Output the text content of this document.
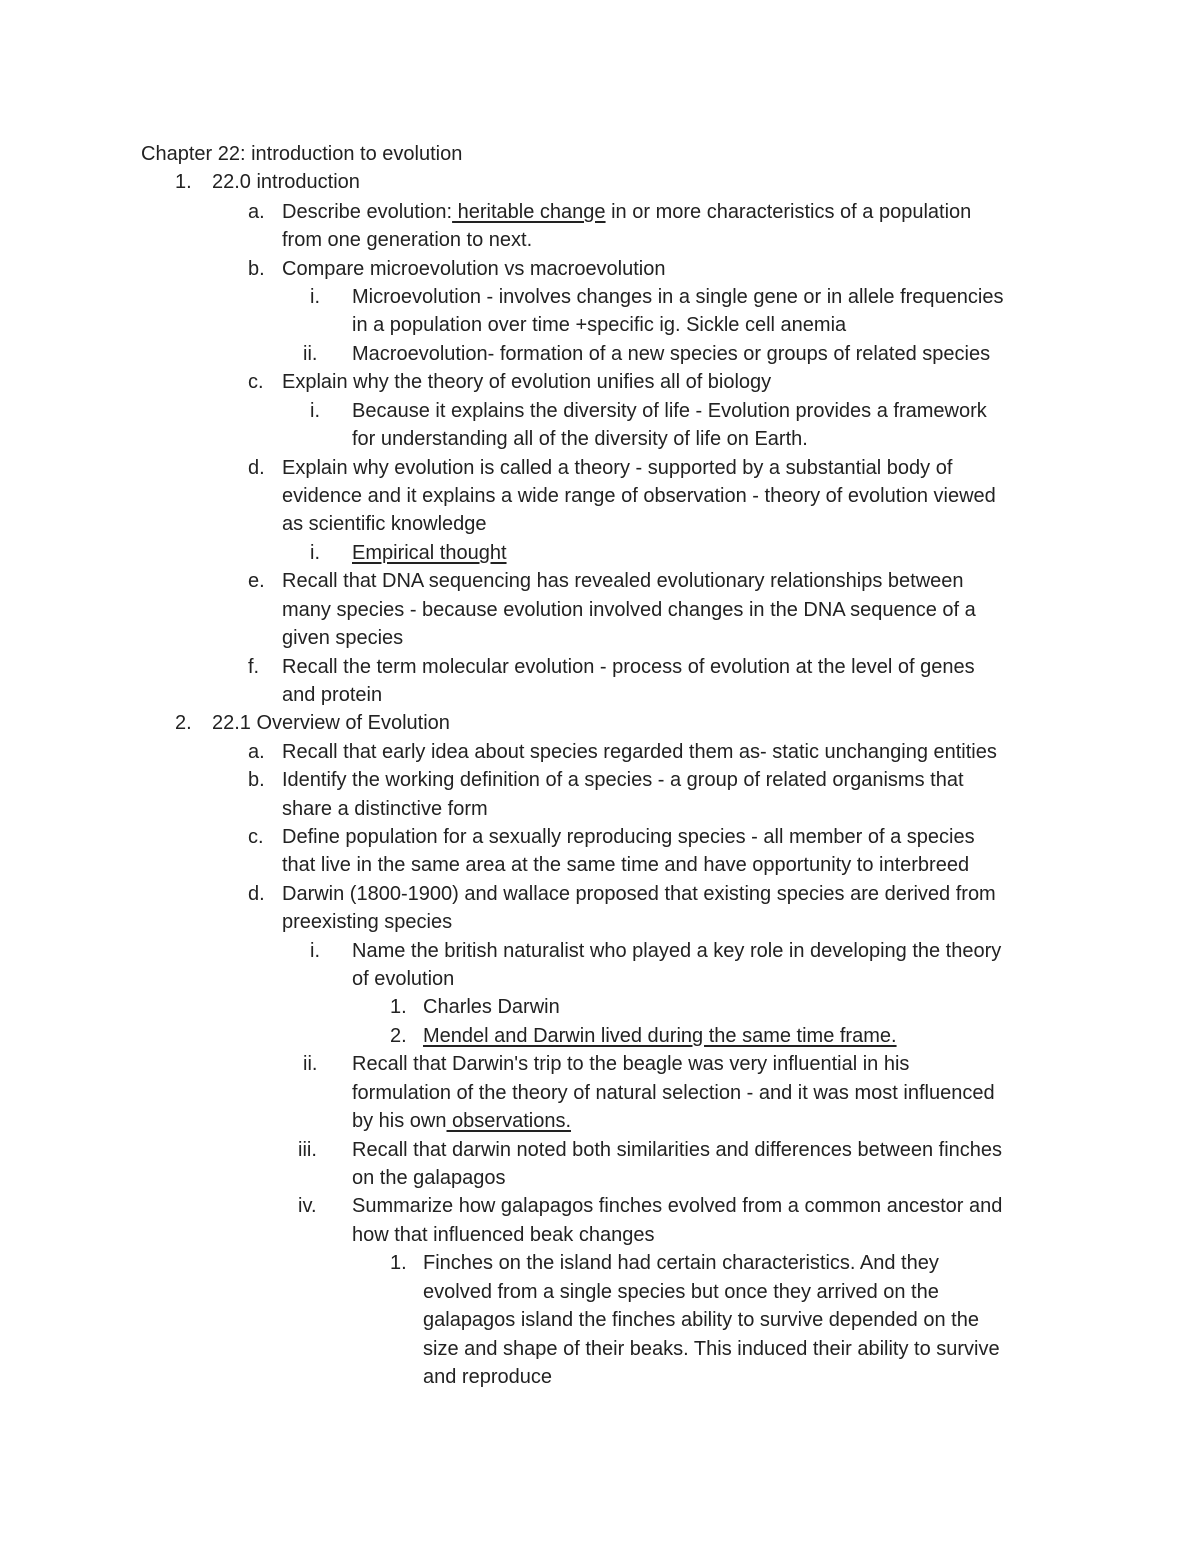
Chapter 22: introduction to evolution
1. 22.0 introduction
a. Describe evolution: heritable change in or more characteristics of a population
from one generation to next.
b. Compare microevolution vs macroevolution
i. Microevolution - involves changes in a single gene or in allele frequencies
in a population over time +specific ig. Sickle cell anemia
ii. Macroevolution- formation of a new species or groups of related species
c. Explain why the theory of evolution unifies all of biology
i. Because it explains the diversity of life - Evolution provides a framework
for understanding all of the diversity of life on Earth.
d. Explain why evolution is called a theory - supported by a substantial body of
evidence and it explains a wide range of observation - theory of evolution viewed
as scientific knowledge
i. Empirical thought
e. Recall that DNA sequencing has revealed evolutionary relationships between
many species - because evolution involved changes in the DNA sequence of a
given species
f. Recall the term molecular evolution - process of evolution at the level of genes
and protein
2. 22.1 Overview of Evolution
a. Recall that early idea about species regarded them as- static unchanging entities
b. Identify the working definition of a species - a group of related organisms that
share a distinctive form
c. Define population for a sexually reproducing species - all member of a species
that live in the same area at the same time and have opportunity to interbreed
d. Darwin (1800-1900) and wallace proposed that existing species are derived from
preexisting species
i. Name the british naturalist who played a key role in developing the theory
of evolution
1. Charles Darwin
2. Mendel and Darwin lived during the same time frame.
ii. Recall that Darwin's trip to the beagle was very influential in his
formulation of the theory of natural selection - and it was most influenced
by his own observations.
iii. Recall that darwin noted both similarities and differences between finches
on the galapagos
iv. Summarize how galapagos finches evolved from a common ancestor and
how that influenced beak changes
1. Finches on the island had certain characteristics. And they
evolved from a single species but once they arrived on the
galapagos island the finches ability to survive depended on the
size and shape of their beaks. This induced their ability to survive
and reproduce
